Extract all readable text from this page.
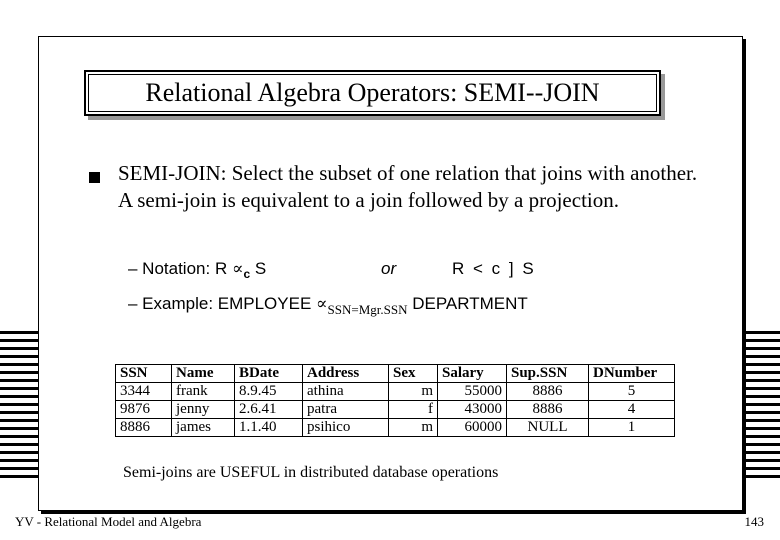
Relational Algebra Operators: SEMI--JOIN
SEMI-JOIN: Select the subset of one relation that joins with another. A semi-join is equivalent to a join followed by a projection.
– Notation: $R \propto_c$ S	or	R < c ] S
– Example: EMPLOYEE $\propto_{SSN=Mgr.SSN}$ DEPARTMENT
SSN	Name	BDate	Address	Sex	Salary	Sup.SSN	DNumber
3344	frank	8.9.45	athina	m	55000	8886	5
9876	jenny	2.6.41	patra	f	43000	8886	4
8886	james	1.1.40	psihico	m	60000	NULL	1
Semi-joins are USEFUL in distributed database operations
YV - Relational Model and Algebra	143
